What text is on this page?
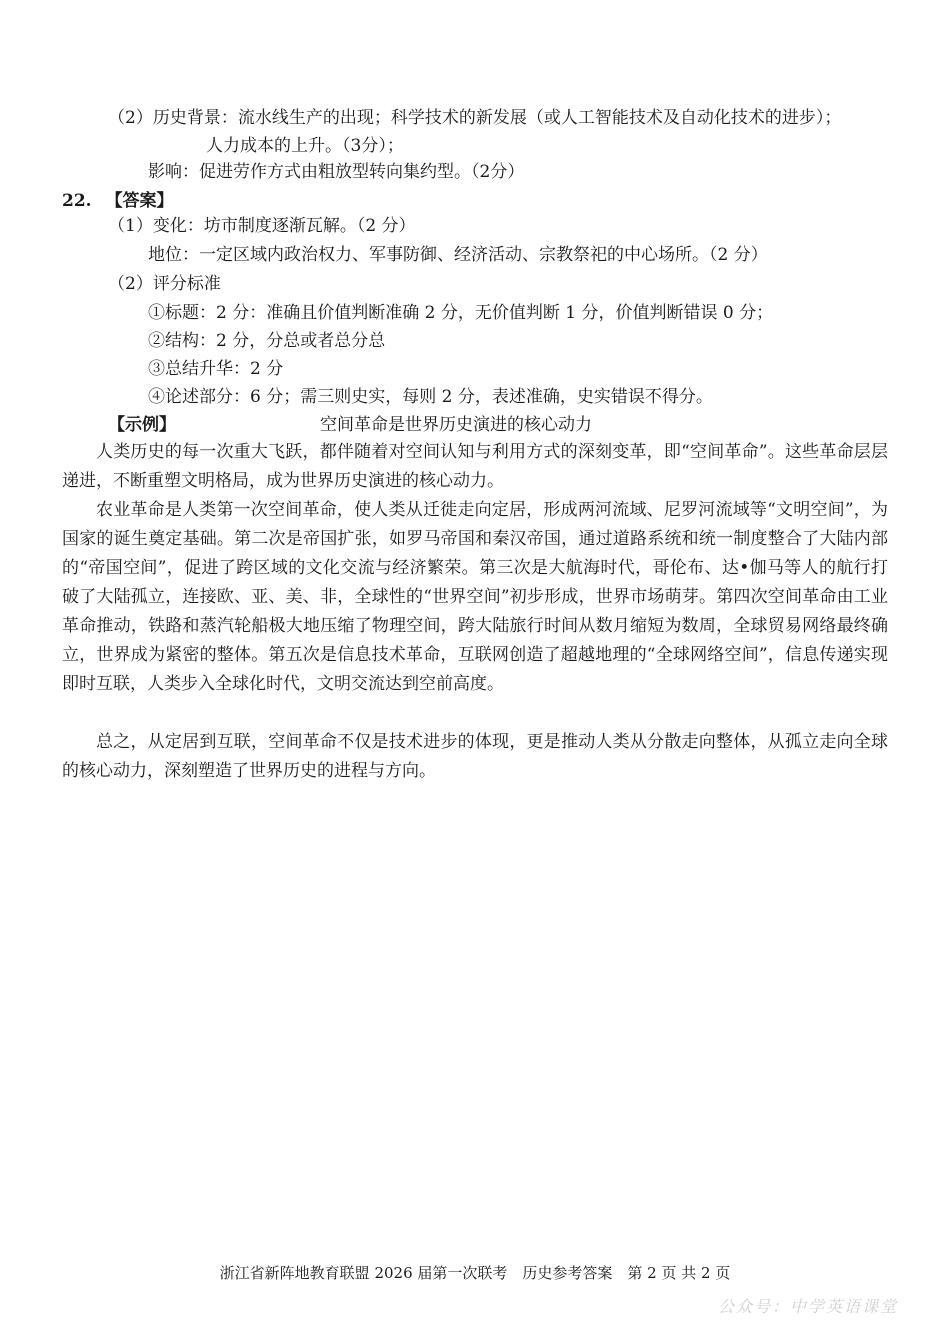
（2）历史背景：流水线生产的出现；科学技术的新发展（或人工智能技术及自动化技术的进步）；
人力成本的上升。（3分）；
影响：促进劳作方式由粗放型转向集约型。（2分）
22. 【答案】
（1）变化：坊市制度逐渐瓦解。（2 分）
地位：一定区域内政治权力、军事防御、经济活动、宗教祭祀的中心场所。（2 分）
（2）评分标准
①标题：2 分：准确且价值判断准确 2 分，无价值判断 1 分，价值判断错误 0 分；
②结构：2 分，分总或者总分总
③总结升华：2 分
④论述部分：6 分；需三则史实，每则 2 分，表述准确，史实错误不得分。
【示例】	空间革命是世界历史演进的核心动力

人类历史的每一次重大飞跃，都伴随着对空间认知与利用方式的深刻变革，即“空间革命”。这些革命层层递进，不断重塑文明格局，成为世界历史演进的核心动力。

农业革命是人类第一次空间革命，使人类从迁徙走向定居，形成两河流域、尼罗河流域等“文明空间”，为国家的诞生奠定基础。第二次是帝国扩张，如罗马帝国和秦汉帝国，通过道路系统和统一制度整合了大陆内部的“帝国空间”，促进了跨区域的文化交流与经济繁荣。第三次是大航海时代，哥伦布、达•伽马等人的航行打破了大陆孤立，连接欧、亚、美、非，全球性的“世界空间”初步形成，世界市场萌芽。第四次空间革命由工业革命推动，铁路和蒸汽轮船极大地压缩了物理空间，跨大陆旅行时间从数月缩短为数周，全球贸易网络最终确立，世界成为紧密的整体。第五次是信息技术革命，互联网创造了超越地理的“全球网络空间”，信息传递实现即时互联，人类步入全球化时代，文明交流达到空前高度。

总之，从定居到互联，空间革命不仅是技术进步的体现，更是推动人类从分散走向整体，从孤立走向全球的核心动力，深刻塑造了世界历史的进程与方向。

浙江省新阵地教育联盟 2026 届第一次联考　历史参考答案　第 2 页 共 2 页
公众号：中学英语课堂
